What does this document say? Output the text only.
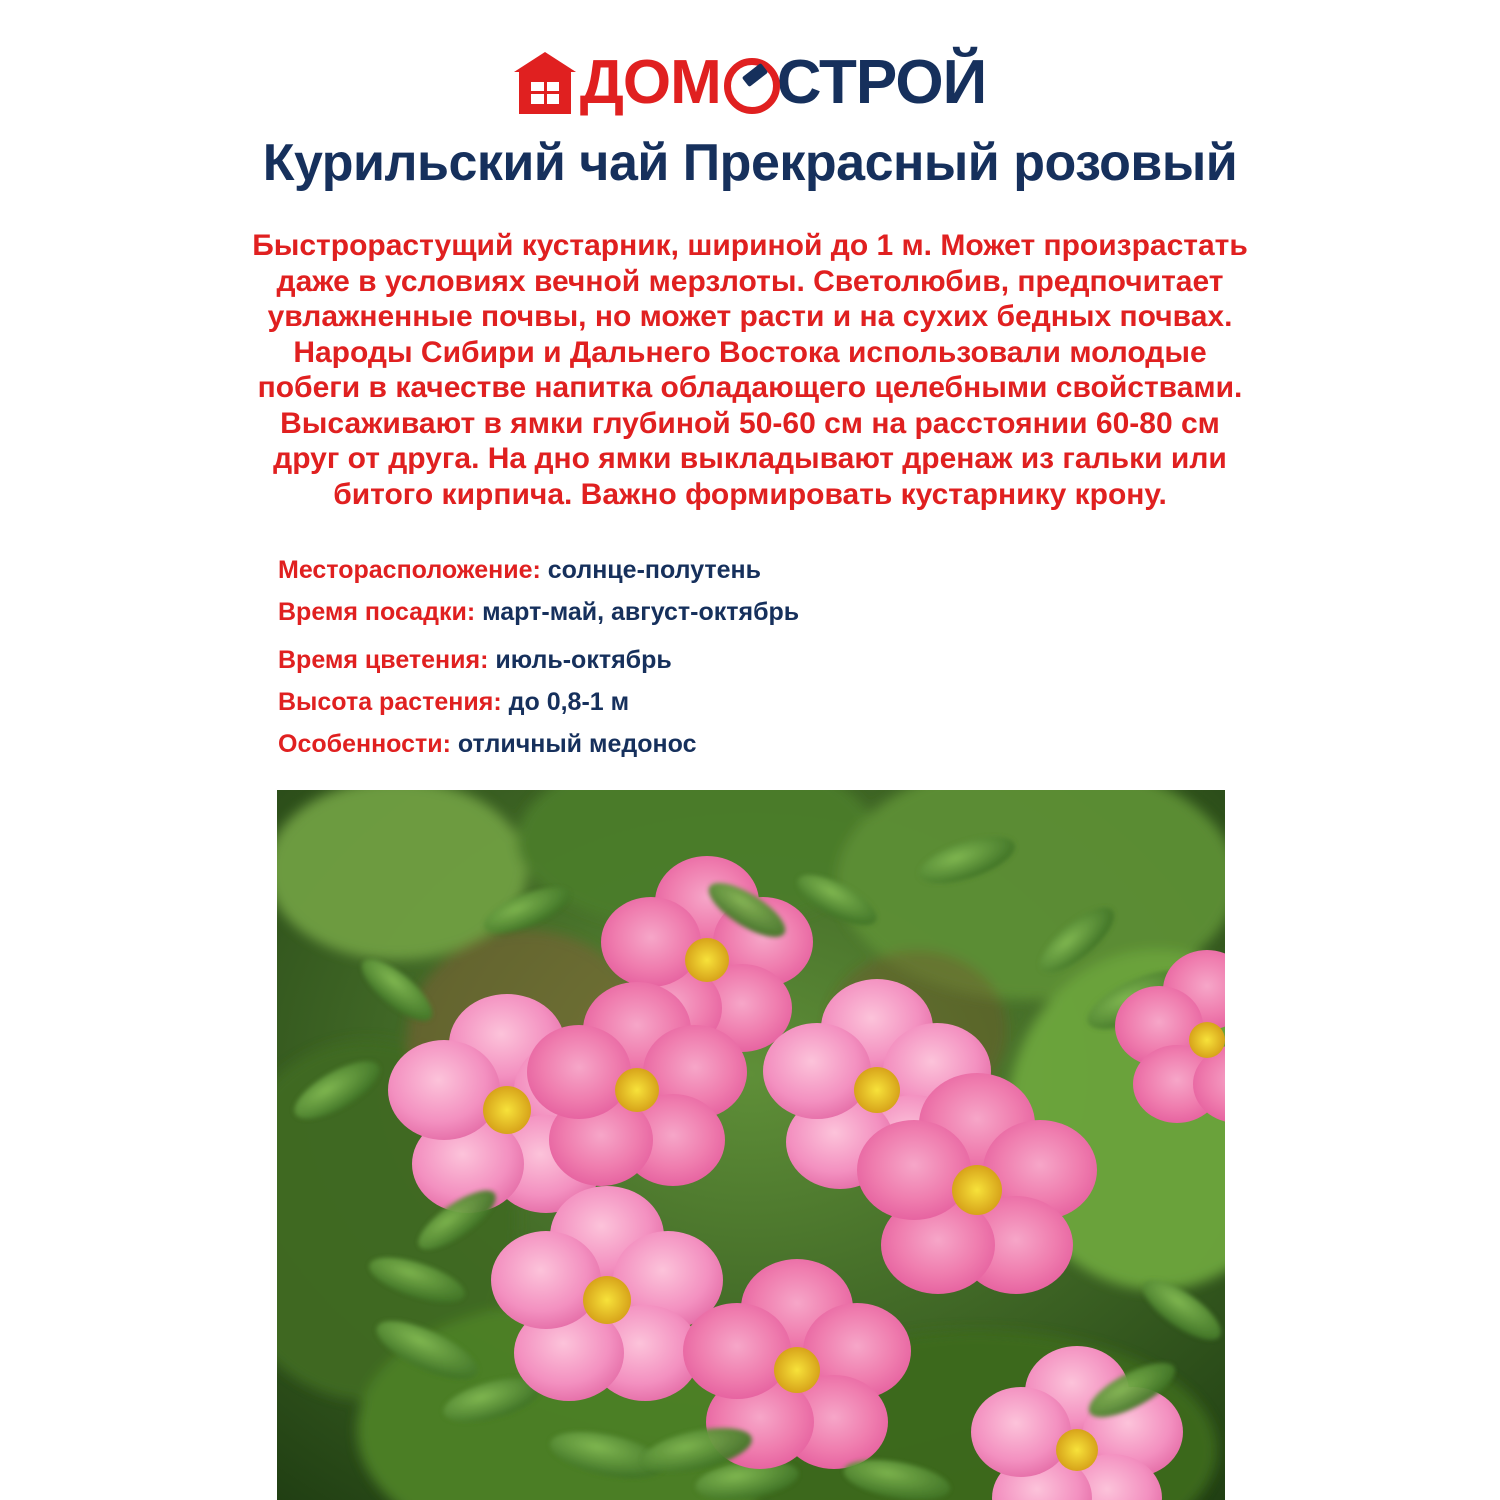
ДОМ СТРОЙ
Курильский чай Прекрасный розовый
Быстрорастущий кустарник, шириной до 1 м. Может произрастать даже в условиях вечной мерзлоты. Светолюбив, предпочитает увлажненные почвы, но может расти и на сухих бедных почвах. Народы Сибири и Дальнего Востока использовали молодые побеги в качестве напитка обладающего целебными свойствами. Высаживают в ямки глубиной 50-60 см на расстоянии 60-80 см друг от друга. На дно ямки выкладывают дренаж из гальки или битого кирпича. Важно формировать кустарнику крону.
Месторасположение: солнце-полутень
Время посадки: март-май, август-октябрь
Время цветения: июль-октябрь
Высота растения: до 0,8-1 м
Особенности: отличный медонос
